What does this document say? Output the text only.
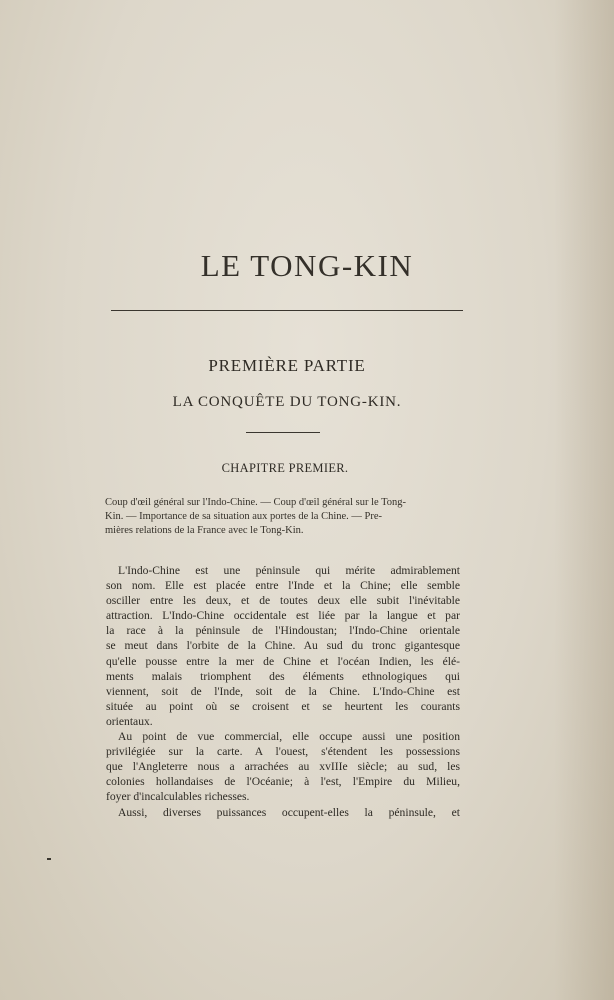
LE TONG-KIN
PREMIÈRE PARTIE
LA CONQUÊTE DU TONG-KIN.
CHAPITRE PREMIER.
Coup d'œil général sur l'Indo-Chine. — Coup d'œil général sur le Tong-
Kin. — Importance de sa situation aux portes de la Chine. — Pre-
mières relations de la France avec le Tong-Kin.
L'Indo-Chine est une péninsule qui mérite admirablement
son nom. Elle est placée entre l'Inde et la Chine; elle semble
osciller entre les deux, et de toutes deux elle subit l'inévitable
attraction. L'Indo-Chine occidentale est liée par la langue et par
la race à la péninsule de l'Hindoustan; l'Indo-Chine orientale
se meut dans l'orbite de la Chine. Au sud du tronc gigantesque
qu'elle pousse entre la mer de Chine et l'océan Indien, les élé-
ments malais triomphent des éléments ethnologiques qui
viennent, soit de l'Inde, soit de la Chine. L'Indo-Chine est
située au point où se croisent et se heurtent les courants
orientaux.
Au point de vue commercial, elle occupe aussi une position
privilégiée sur la carte. A l'ouest, s'étendent les possessions
que l'Angleterre nous a arrachées au xvIIIe siècle; au sud, les
colonies hollandaises de l'Océanie; à l'est, l'Empire du Milieu,
foyer d'incalculables richesses.
Aussi, diverses puissances occupent-elles la péninsule, et
